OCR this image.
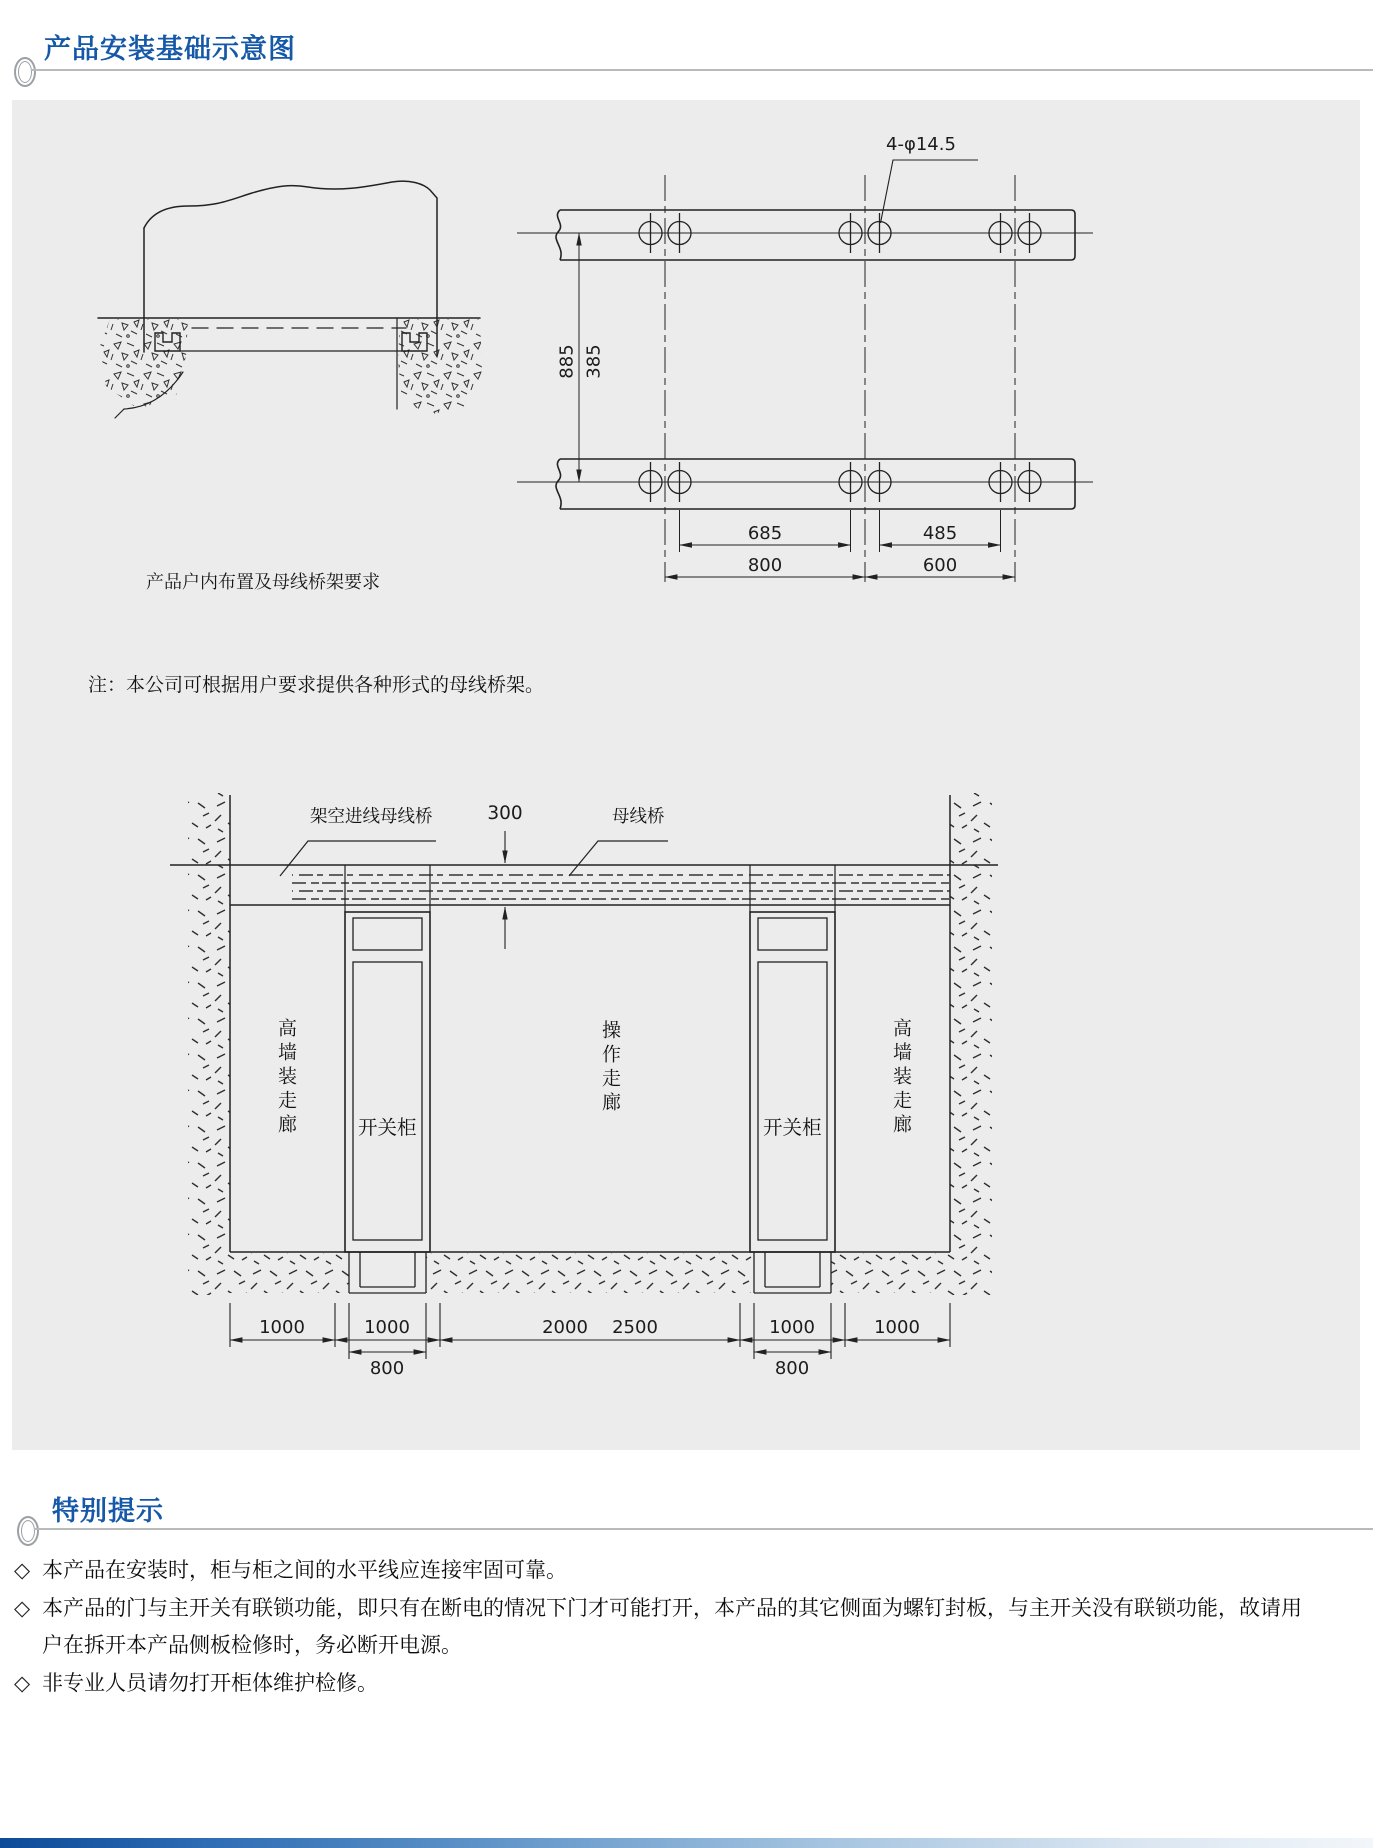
产品安装基础示意图
产品户内布置及母线桥架要求
4-φ14.5
885 385
685	485
800	600
注：本公司可根据用户要求提供各种形式的母线桥架。
架空进线母线桥	300	母线桥
高墙装走廊	开关柜
操作走廊
开关柜	高墙装走廊
1000	1000	2000	2500	1000	1000
800	800
特别提示
◇ 本产品在安装时，柜与柜之间的水平线应连接牢固可靠。
◇ 本产品的门与主开关有联锁功能，即只有在断电的情况下门才可能打开，本产品的其它侧面为螺钉封板，与主开关没有联锁功能，故请用户在拆开本产品侧板检修时，务必断开电源。
◇ 非专业人员请勿打开柜体维护检修。
